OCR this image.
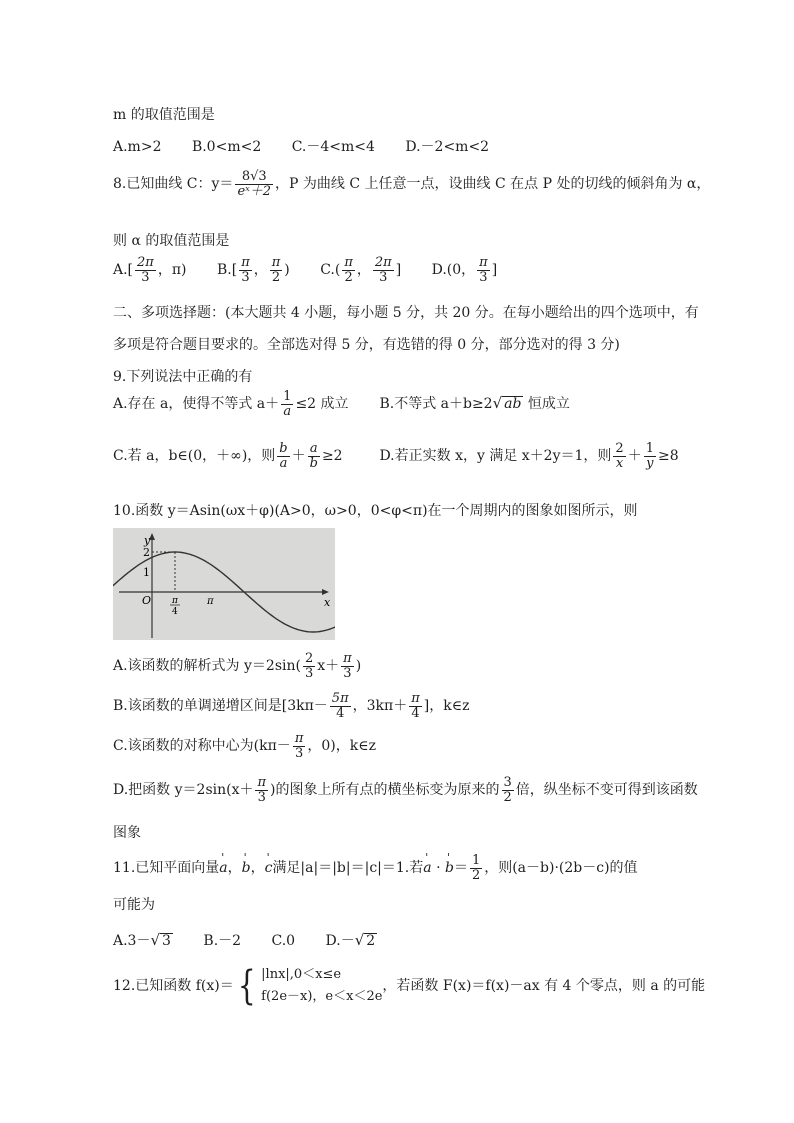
m 的取值范围是
A.m>2 B.0<m<2 C.－4<m<4 D.－2<m<2
8.已知曲线 C：$y= \frac{8√3}{\text{eˣ＋2}}$ ，P 为曲线 C 上任意一点，设曲线 C 在点 P 处的切线的倾斜角为 α，
则 α 的取值范围是
$A.[ \frac{2\pi}{3}$ ，π) $B.[ \frac{\pi}{3}$ ， $\frac{\pi}{2}$ ) $C.( \frac{\pi}{2}$ ， $\frac{2\pi}{3}$ ] D.(0， $\frac{\pi}{3}$ ]
二、多项选择题：(本大题共 4 小题，每小题 5 分，共 20 分。在每小题给出的四个选项中，有
多项是符合题目要求的。全部选对得 5 分，有选错的得 0 分，部分选对的得 3 分)
9.下列说法中正确的有
A.存在 a，使得不等式 $a+ \frac{1}{a} \le 2$ 成立 B.不等式 a＋b≥2√ ab 恒成立
C.若 a，b∈(0，＋∞)，则 $\frac{b}{a} + \frac{a}{b} \ge 2$	D.若正实数 x，y 满足 x＋2y＝1，则 $\frac{2}{x} + \frac{1}{y} \ge 8$
10.函数 y＝Asin(ωx＋φ)(A>0，ω>0，0<φ<π)在一个周期内的图象如图所示，则
y
x
O
2
1
π
4
π
A.该函数的解析式为 $y=2\sin( \frac{2}{3} x+ \frac{\pi}{3}$ )
B.该函数的单调递增区间是[$3k\pi- \frac{5\pi}{4}$ ，$3k\pi+ \frac{\pi}{4}$ ]，k∈z
C.该函数的对称中心为($k\pi- \frac{\pi}{3}$ ，0)，k∈z
D.把函数 $y=2\sin(x+ \frac{\pi}{3}$ )的图象上所有点的横坐标变为原来的 $\frac{3}{2}$ 倍，纵坐标不变可得到该函数
图象
11.已知平面向量' a，' b，' c满足|a|＝|b|＝|c|＝1.若' a · ' $b= \frac{1}{2}$ ，则(a－b)·(2b－c)的值
可能为
A.3－√ 3 B.－2 C.0 D.－√ 2
12.已知函数 f(x)＝{ |lnx|,0＜x≤e
f(2e－x)，e＜x＜2e
，若函数 F(x)＝f(x)－ax 有 4 个零点，则 a 的可能
